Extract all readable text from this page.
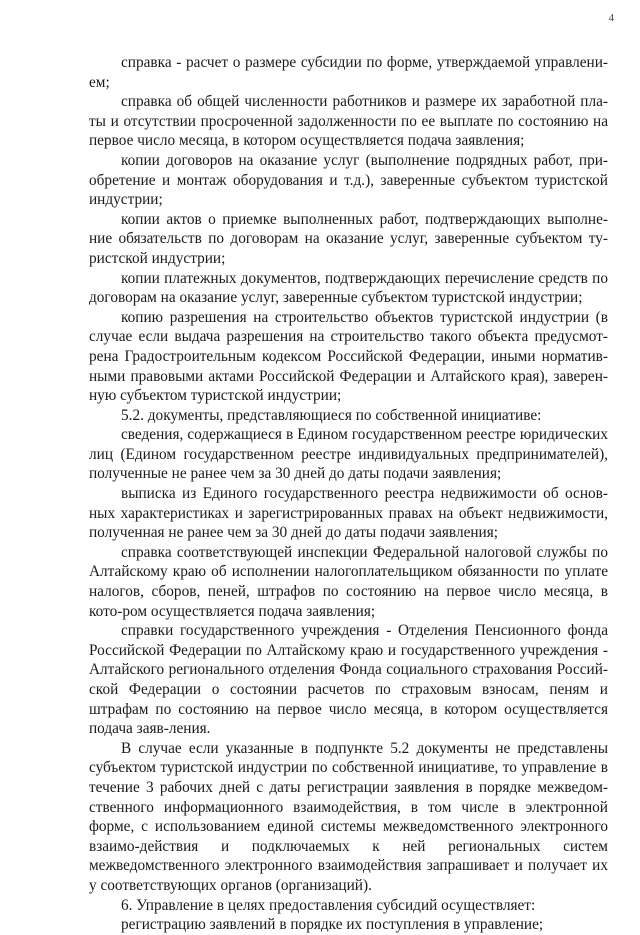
4

справка - расчет о размере субсидии по форме, утверждаемой управлени-ем;

справка об общей численности работников и размере их заработной пла-ты и отсутствии просроченной задолженности по ее выплате по состоянию на первое число месяца, в котором осуществляется подача заявления;

копии договоров на оказание услуг (выполнение подрядных работ, при-обретение и монтаж оборудования и т.д.), заверенные субъектом туристской индустрии;

копии актов о приемке выполненных работ, подтверждающих выполне-ние обязательств по договорам на оказание услуг, заверенные субъектом ту-ристской индустрии;

копии платежных документов, подтверждающих перечисление средств по договорам на оказание услуг, заверенные субъектом туристской индустрии;

копию разрешения на строительство объектов туристской индустрии (в случае если выдача разрешения на строительство такого объекта предусмот-рена Градостроительным кодексом Российской Федерации, иными норматив-ными правовыми актами Российской Федерации и Алтайского края), заверен-ную субъектом туристской индустрии;

5.2. документы, представляющиеся по собственной инициативе:

сведения, содержащиеся в Едином государственном реестре юридических лиц (Едином государственном реестре индивидуальных предпринимателей), полученные не ранее чем за 30 дней до даты подачи заявления;

выписка из Единого государственного реестра недвижимости об основ-ных характеристиках и зарегистрированных правах на объект недвижимости, полученная не ранее чем за 30 дней до даты подачи заявления;

справка соответствующей инспекции Федеральной налоговой службы по Алтайскому краю об исполнении налогоплательщиком обязанности по уплате налогов, сборов, пеней, штрафов по состоянию на первое число месяца, в кото-ром осуществляется подача заявления;

справки государственного учреждения - Отделения Пенсионного фонда Российской Федерации по Алтайскому краю и государственного учреждения - Алтайского регионального отделения Фонда социального страхования Россий-ской Федерации о состоянии расчетов по страховым взносам, пеням и штрафам по состоянию на первое число месяца, в котором осуществляется подача заяв-ления.

В случае если указанные в подпункте 5.2 документы не представлены субъектом туристской индустрии по собственной инициативе, то управление в течение 3 рабочих дней с даты регистрации заявления в порядке межведом-ственного информационного взаимодействия, в том числе в электронной форме, с использованием единой системы межведомственного электронного взаимо-действия и подключаемых к ней региональных систем межведомственного электронного взаимодействия запрашивает и получает их у соответствующих органов (организаций).

6. Управление в целях предоставления субсидий осуществляет:

регистрацию заявлений в порядке их поступления в управление;
